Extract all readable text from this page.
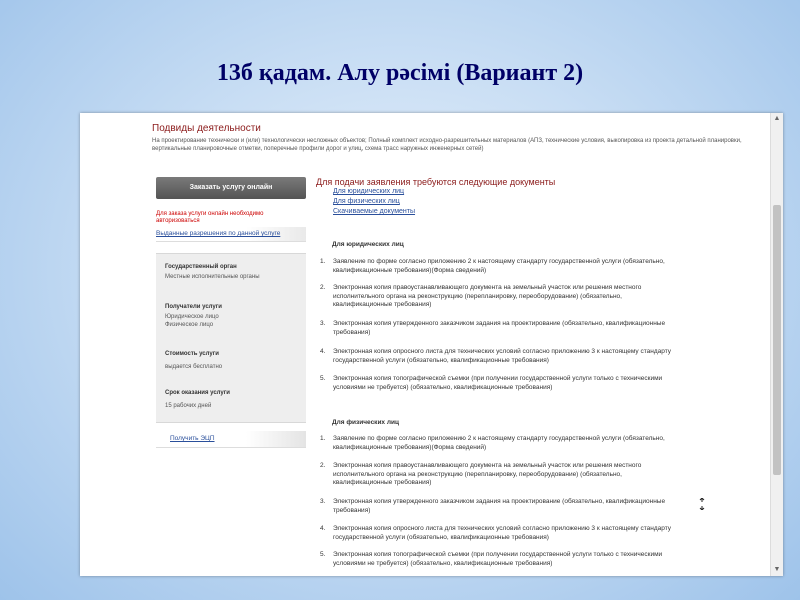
13б қадам. Алу рәсімі (Вариант 2)
Подвиды деятельности
На проектирование технически и (или) технологически несложных объектов; Полный комплект исходно-разрешительных материалов (АПЗ, технические условия, выкопировка из проекта детальной планировки, вертикальные планировочные отметки, поперечные профили дорог и улиц, схема трасс наружных инженерных сетей)
Заказать услугу онлайн
Для заказа услуги онлайн необходимо авторизоваться
Выданные разрешения по данной услуге
Государственный орган
Местные исполнительные органы
Получатели услуги
Юридическое лицо
Физическое лицо
Стоимость услуги
выдается бесплатно
Срок оказания услуги
15 рабочих дней
Получить ЭЦП
Для подачи заявления требуются следующие документы
Для юридических лиц
Для физических лиц
Скачиваемые документы
Для юридических лиц
1.	Заявление по форме согласно приложению 2 к настоящему стандарту государственной услуги (обязательно, квалификационные требования)(Форма сведений)
2.	Электронная копия правоустанавливающего документа на земельный участок или решения местного исполнительного органа на реконструкцию (перепланировку, переоборудование) (обязательно, квалификационные требования)
3.	Электронная копия утвержденного заказчиком задания на проектирование (обязательно, квалификационные требования)
4.	Электронная копия опросного листа для технических условий согласно приложению 3 к настоящему стандарту государственной услуги (обязательно, квалификационные требования)
5.	Электронная копия топографической съемки (при получении государственной услуги только с техническими условиями не требуется) (обязательно, квалификационные требования)
Для физических лиц
1.	Заявление по форме согласно приложению 2 к настоящему стандарту государственной услуги (обязательно, квалификационные требования)(Форма сведений)
2.	Электронная копия правоустанавливающего документа на земельный участок или решения местного исполнительного органа на реконструкцию (перепланировку, переоборудование) (обязательно, квалификационные требования)
3.	Электронная копия утвержденного заказчиком задания на проектирование (обязательно, квалификационные требования)
4.	Электронная копия опросного листа для технических условий согласно приложению 3 к настоящему стандарту государственной услуги (обязательно, квалификационные требования)
5.	Электронная копия топографической съемки (при получении государственной услуги только с техническими условиями не требуется) (обязательно, квалификационные требования)
▲
▼
